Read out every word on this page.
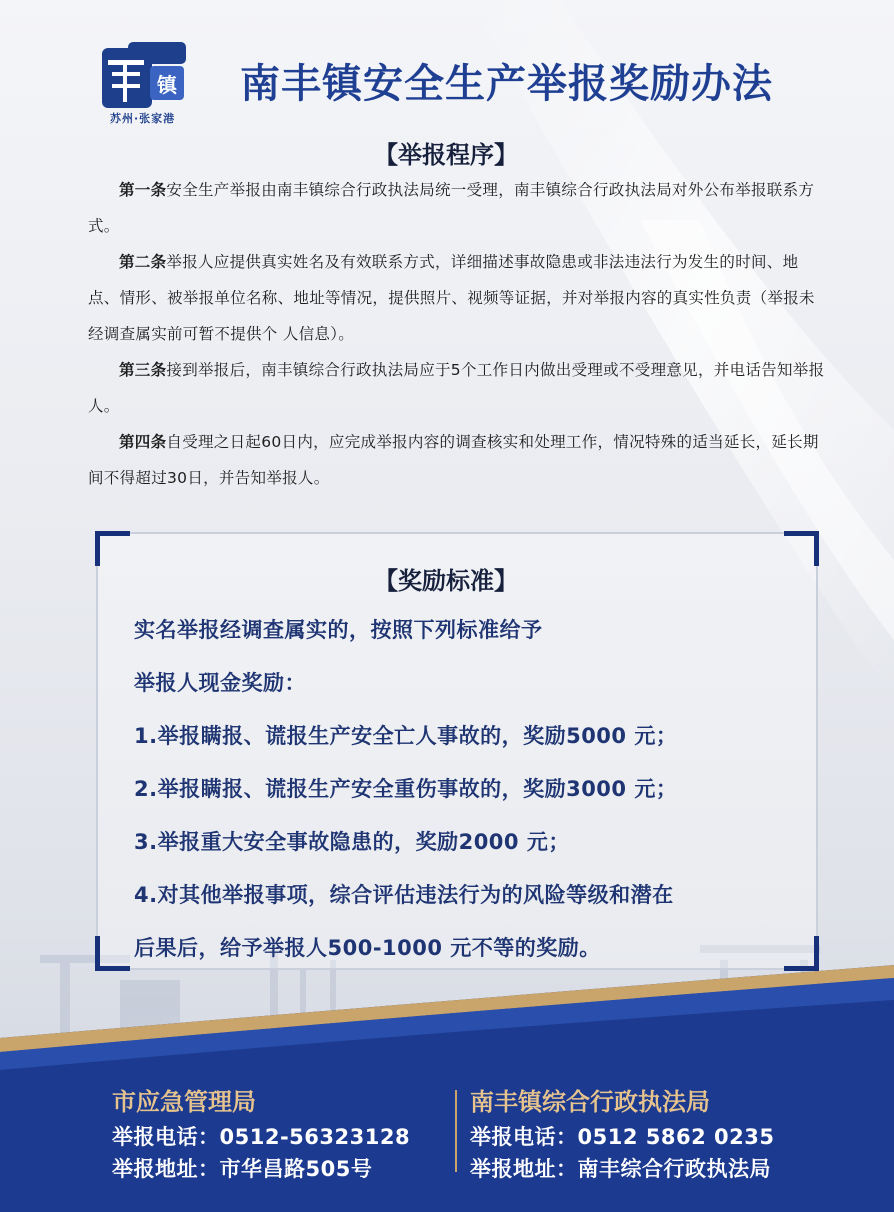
镇
苏州·张家港
南丰镇安全生产举报奖励办法
【举报程序】

第一条安全生产举报由南丰镇综合行政执法局统一受理，南丰镇综合行政执法局对外公布举报联系方式。

第二条举报人应提供真实姓名及有效联系方式，详细描述事故隐患或非法违法行为发生的时间、地点、情形、被举报单位名称、地址等情况，提供照片、视频等证据，并对举报内容的真实性负责（举报未经调查属实前可暂不提供个 人信息）。

第三条接到举报后，南丰镇综合行政执法局应于5个工作日内做出受理或不受理意见，并电话告知举报人。

第四条自受理之日起60日内，应完成举报内容的调查核实和处理工作，情况特殊的适当延长，延长期间不得超过30日，并告知举报人。

【奖励标准】
实名举报经调查属实的，按照下列标准给予
举报人现金奖励：
1.举报瞒报、谎报生产安全亡人事故的，奖励5000 元；
2.举报瞒报、谎报生产安全重伤事故的，奖励3000 元；
3.举报重大安全事故隐患的，奖励2000 元；
4.对其他举报事项，综合评估违法行为的风险等级和潜在
后果后，给予举报人500-1000 元不等的奖励。
市应急管理局
举报电话：0512-56323128
举报地址：市华昌路505号
南丰镇综合行政执法局
举报电话：0512 5862 0235
举报地址：南丰综合行政执法局
